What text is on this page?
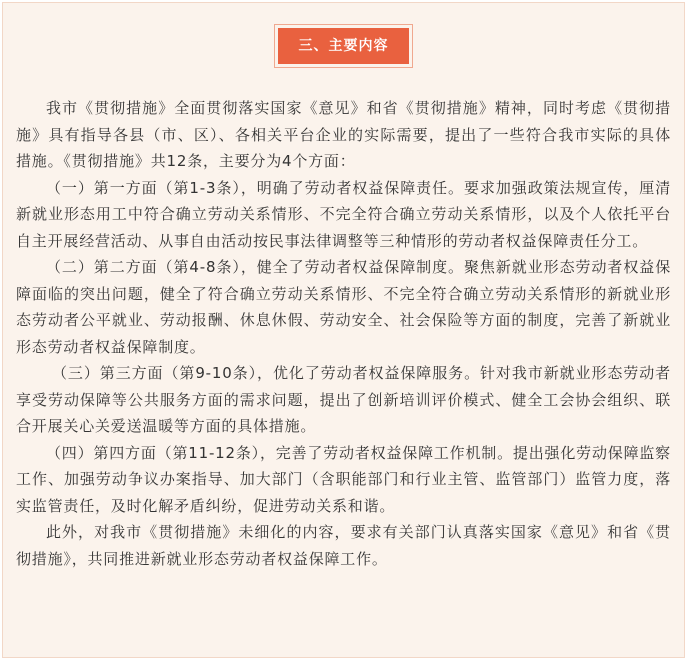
三、主要内容

我市《贯彻措施》全面贯彻落实国家《意见》和省《贯彻措施》精神，同时考虑《贯彻措施》具有指导各县（市、区）、各相关平台企业的实际需要，提出了一些符合我市实际的具体措施。《贯彻措施》共12条，主要分为4个方面：

（一）第一方面（第1-3条），明确了劳动者权益保障责任。要求加强政策法规宣传，厘清新就业形态用工中符合确立劳动关系情形、不完全符合确立劳动关系情形，以及个人依托平台自主开展经营活动、从事自由活动按民事法律调整等三种情形的劳动者权益保障责任分工。

（二）第二方面（第4-8条），健全了劳动者权益保障制度。聚焦新就业形态劳动者权益保障面临的突出问题，健全了符合确立劳动关系情形、不完全符合确立劳动关系情形的新就业形态劳动者公平就业、劳动报酬、休息休假、劳动安全、社会保险等方面的制度，完善了新就业形态劳动者权益保障制度。

（三）第三方面（第9-10条），优化了劳动者权益保障服务。针对我市新就业形态劳动者享受劳动保障等公共服务方面的需求问题，提出了创新培训评价模式、健全工会协会组织、联合开展关心关爱送温暖等方面的具体措施。

（四）第四方面（第11-12条），完善了劳动者权益保障工作机制。提出强化劳动保障监察工作、加强劳动争议办案指导、加大部门（含职能部门和行业主管、监管部门）监管力度，落实监管责任，及时化解矛盾纠纷，促进劳动关系和谐。

此外，对我市《贯彻措施》未细化的内容，要求有关部门认真落实国家《意见》和省《贯彻措施》，共同推进新就业形态劳动者权益保障工作。
